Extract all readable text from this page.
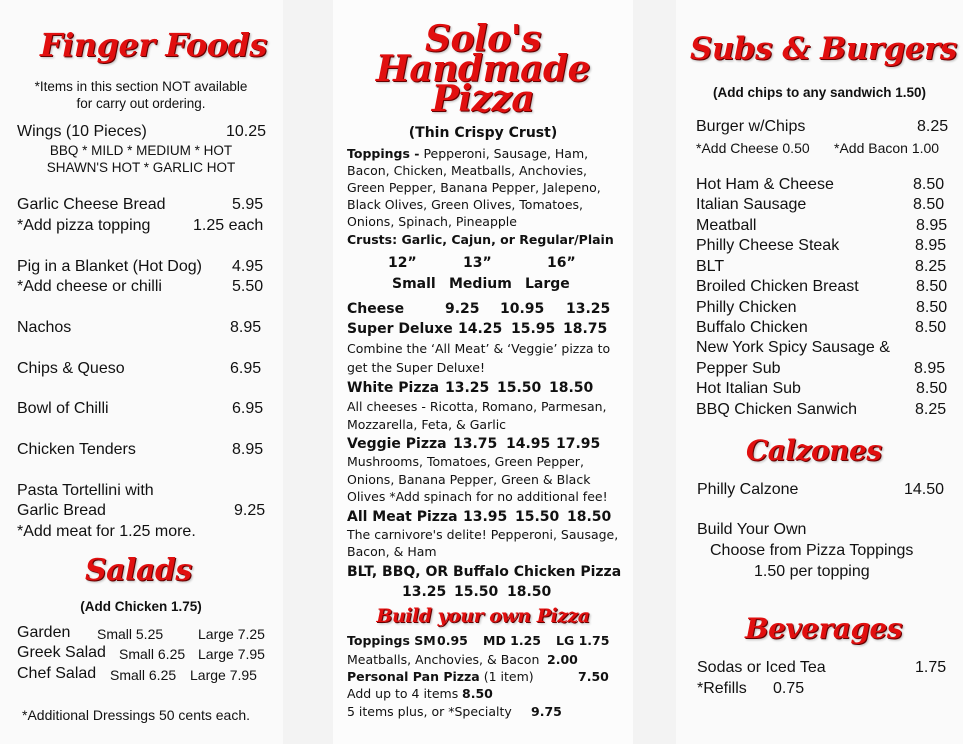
Finger Foods
*Items in this section NOT available
for carry out ordering.
Wings (10 Pieces)	10.25
BBQ * MILD * MEDIUM * HOT
SHAWN'S HOT * GARLIC HOT
Garlic Cheese Bread	5.95
*Add pizza topping	1.25 each
Pig in a Blanket (Hot Dog) 4.95
*Add cheese or chilli	5.50
Nachos	8.95
Chips & Queso	6.95
Bowl of Chilli	6.95
Chicken Tenders	8.95
Pasta Tortellini with
Garlic Bread	9.25
*Add meat for 1.25 more.
Salads
(Add Chicken 1.75)
Garden Small 5.25 Large 7.25
Greek Salad Small 6.25 Large 7.95
Chef Salad Small 6.25 Large 7.95
*Additional Dressings 50 cents each.
Solo's
Handmade
Pizza
(Thin Crispy Crust)
Toppings - Pepperoni, Sausage, Ham,
Bacon, Chicken, Meatballs, Anchovies,
Green Pepper, Banana Pepper, Jalepeno,
Black Olives, Green Olives, Tomatoes,
Onions, Spinach, Pineapple
Crusts: Garlic, Cajun, or Regular/Plain
12”	13”	16”
Small Medium Large
Cheese	9.25 10.95 13.25
Super Deluxe 14.25 15.95 18.75
Combine the ‘All Meat’ & ‘Veggie’ pizza to
get the Super Deluxe!
White Pizza 13.25 15.50 18.50
All cheeses - Ricotta, Romano, Parmesan,
Mozzarella, Feta, & Garlic
Veggie Pizza 13.75 14.95 17.95
Mushrooms, Tomatoes, Green Pepper,
Onions, Banana Pepper, Green & Black
Olives *Add spinach for no additional fee!
All Meat Pizza 13.95 15.50 18.50
The carnivore's delite! Pepperoni, Sausage,
Bacon, & Ham
BLT, BBQ, OR Buffalo Chicken Pizza
13.25 15.50 18.50
Build your own Pizza
Toppings SM 0.95 MD 1.25 LG 1.75
Meatballs, Anchovies, & Bacon 2.00
Personal Pan Pizza (1 item)	7.50
Add up to 4 items 8.50
5 items plus, or *Specialty 9.75
Subs & Burgers
(Add chips to any sandwich 1.50)
Burger w/Chips	8.25
*Add Cheese 0.50 *Add Bacon 1.00
Hot Ham & Cheese	8.50
Italian Sausage	8.50
Meatball	8.95
Philly Cheese Steak	8.95
BLT	8.25
Broiled Chicken Breast	8.50
Philly Chicken	8.50
Buffalo Chicken	8.50
New York Spicy Sausage &
Pepper Sub	8.95
Hot Italian Sub	8.50
BBQ Chicken Sanwich	8.25
Calzones
Philly Calzone	14.50
Build Your Own
Choose from Pizza Toppings
1.50 per topping
Beverages
Sodas or Iced Tea	1.75
*Refills 0.75
